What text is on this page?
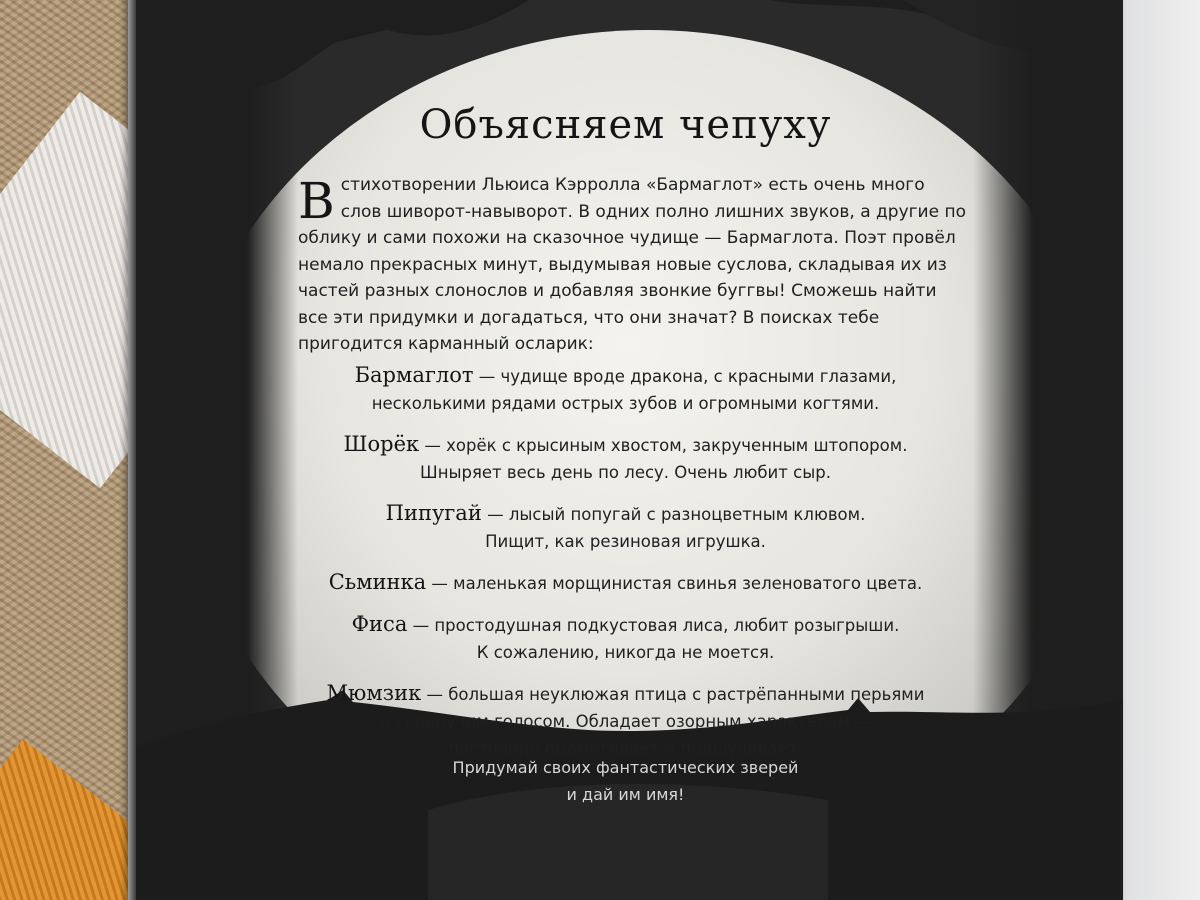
Объясняем чепуху
В стихотворении Льюиса Кэрролла «Бармаглот» есть очень много слов шиворот-навыворот. В одних полно лишних звуков, а другие по облику и сами похожи на сказочное чудище — Бармаглота. Поэт провёл немало прекрасных минут, выдумывая новые суслова, складывая их из частей разных слонослов и добавляя звонкие буггвы! Сможешь найти все эти придумки и догадаться, что они значат? В поисках тебе пригодится карманный осларик:
Бармаглот — чудище вроде дракона, с красными глазами,
несколькими рядами острых зубов и огромными когтями.
Шорёк — хорёк с крысиным хвостом, закрученным штопором.
Шныряет весь день по лесу. Очень любит сыр.
Пипугай — лысый попугай с разноцветным клювом.
Пищит, как резиновая игрушка.
Сьминка — маленькая морщинистая свинья зеленоватого цвета.
Фиса — простодушная подкустовая лиса, любит розыгрыши.
К сожалению, никогда не моется.
Мюмзик — большая неуклюжая птица с растрёпанными перьями
и скрипучим голосом. Обладает озорным характером —
постоянно подмигивает и подшучивает.
Придумай своих фантастических зверей
и дай им имя!
